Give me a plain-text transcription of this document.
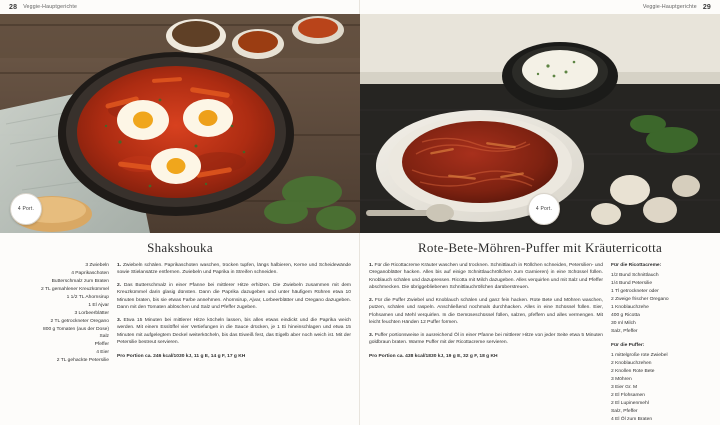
28 Veggie-Hauptgerichte
4 Port.
Shakshouka
3 Zwiebeln
4 Paprikaschoten
Butterschmalz zum Braten
2 TL gemahlener Kreuzkümmel
1 1/2 TL Ahornsirup
1 El Ajvar
3 Lorbeerblätter
2 TL getrockneter Oregano
800 g Tomaten (aus der Dose)
Salz
Pfeffer
4 Eier
2 TL gehackte Petersilie

1. Zwiebeln schälen. Paprikaschoten waschen, trocken tupfen, längs halbieren, Kerne und Scheidewände sowie Stielansätze entfernen. Zwiebeln und Paprika in Streifen schneiden.

2. Das Butterschmalz in einer Pfanne bei mittlerer Hitze erhitzen. Die Zwiebeln zusammen mit dem Kreuzkümmel darin glasig dünsten. Dann die Paprika dazugeben und unter häufigem Rühren etwa 10 Minuten braten, bis sie etwas Farbe annehmen. Ahornsirup, Ajvar, Lorbeerblätter und Oregano dazugeben. Dann mit den Tomaten ablöschen und Salz und Pfeffer zugeben.

3. Etwa 15 Minuten bei mittlerer Hitze köcheln lassen, bis alles etwas eindickt und die Paprika weich werden. Mit einem Esslöffel vier Vertiefungen in die Sauce drücken, je 1 Ei hineinschlagen und etwa 15 Minuten mit aufgelegtem Deckel weiterköcheln, bis das Eiweiß fest, das Eigelb aber noch weich ist. Mit der Petersilie bestreut servieren.

Pro Portion ca. 246 kcal/1030 kJ, 11 g E, 14 g F, 17 g KH
Veggie-Hauptgerichte 29
4 Port.
Rote-Bete-Möhren-Puffer mit Kräuterricotta

1. Für die Ricottacreme Kräuter waschen und trocknen. Schnittlauch in Röllchen schneiden, Petersilien- und Oreganoblätter hacken. Alles bis auf einige Schnittlauchröllchen zum Garnieren) in eine Schüssel füllen. Knoblauch schälen und dazupressen. Ricotta mit Milch dazugeben. Alles verquirlen und mit Salz und Pfeffer abschmecken. Die übriggebliebenen Schnittlauchröllchen darüberstreuen.

2. Für die Puffer Zwiebel und Knoblauch schälen und ganz fein hacken. Rote Bete und Möhren waschen, putzen, schälen und raspeln. Anschließend nochmals durchhacken. Alles in eine Schüssel füllen. Eier, Flohsamen und Mehl verquirlen. In die Gemüseschüssel füllen, salzen, pfeffern und alles vermengen. Mit leicht feuchten Händen 12 Puffer formen.

3. Puffer portionsweise in ausreichend Öl in einer Pfanne bei mittlerer Hitze von jeder Seite etwa 5 Minuten goldbraun braten. Warme Puffer mit der Ricottacreme servieren.

Pro Portion ca. 438 kcal/1830 kJ, 19 g E, 32 g F, 18 g KH
Für die Ricottacreme:
1/2 Bund Schnittlauch
1/4 Bund Petersilie
1 Tl getrockneter oder
2 Zweige frischer Oregano
1 Knoblauchzehe
400 g Ricotta
30 ml Milch
Salz, Pfeffer
Für die Puffer:
1 mittelgroße rote Zwiebel
2 Knoblauchzehen
2 Knollen Rote Bete
3 Möhren
3 Eier Gr. M
2 El Flohsamen
2 El Lupinenmehl
Salz, Pfeffer
4 El Öl zum Braten
